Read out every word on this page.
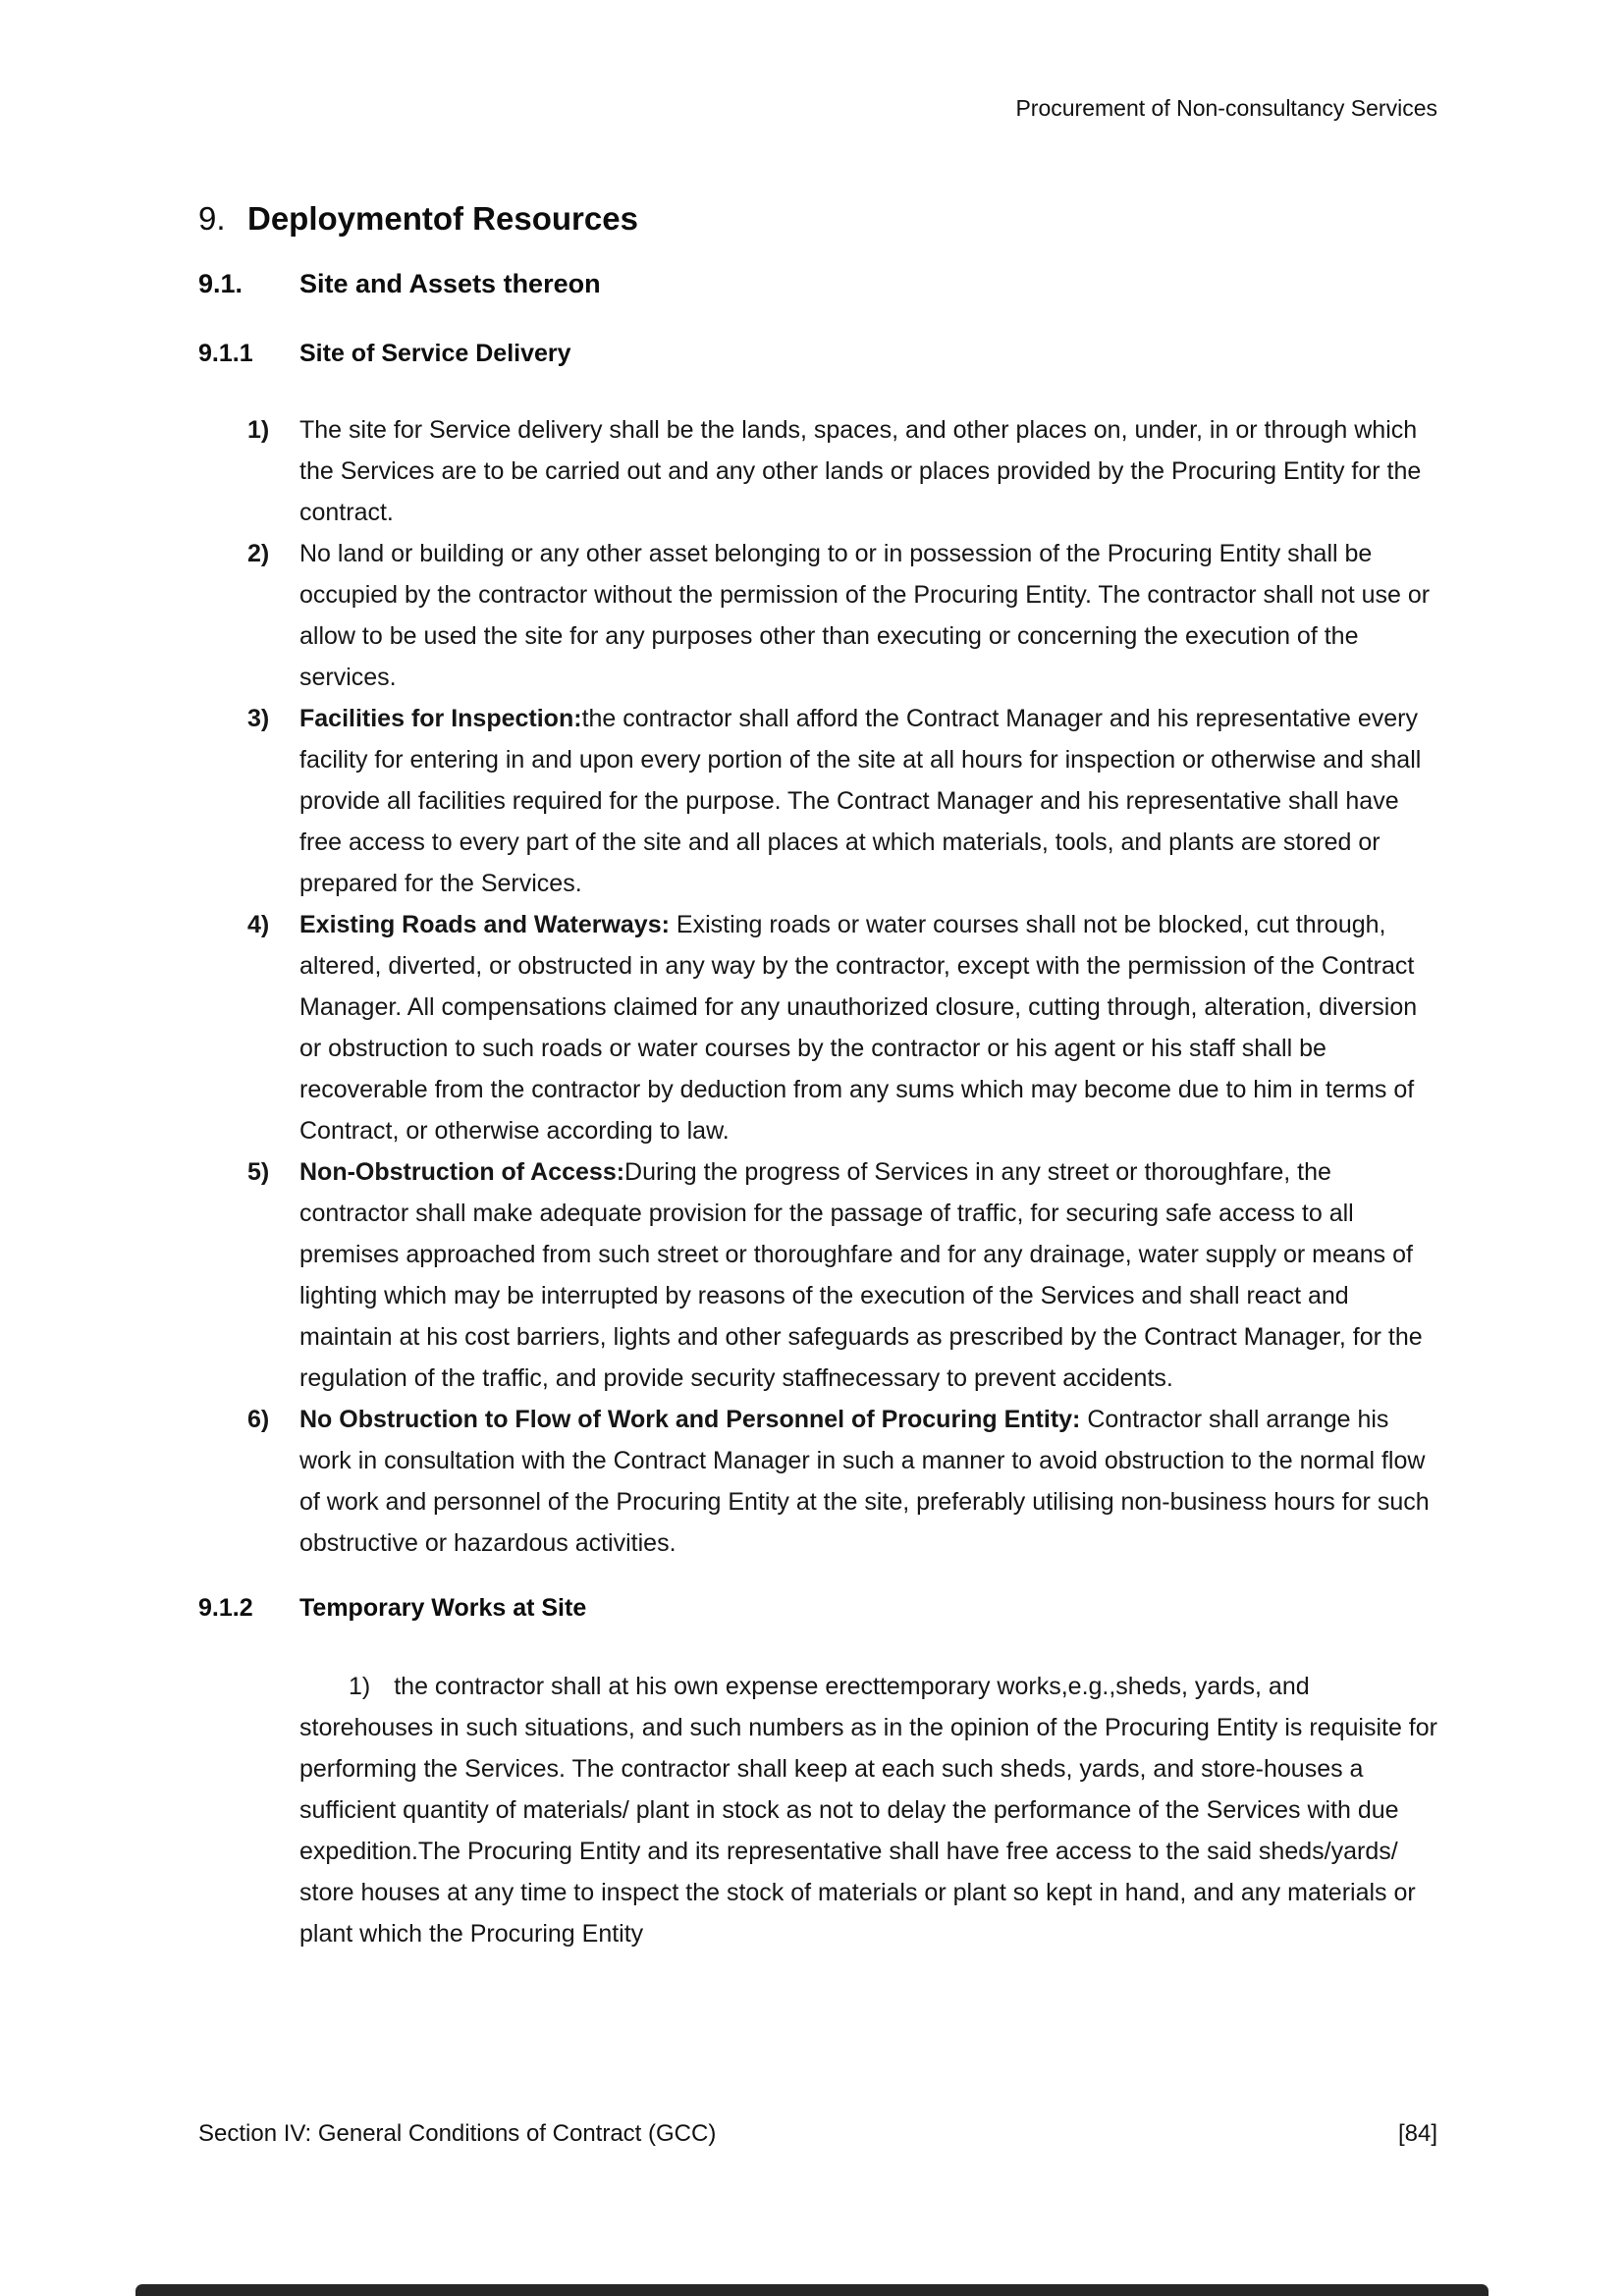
Procurement of Non-consultancy Services
9. Deploymentof Resources
9.1.	Site and Assets thereon
9.1.1	Site of Service Delivery
1) The site for Service delivery shall be the lands, spaces, and other places on, under, in or through which the Services are to be carried out and any other lands or places provided by the Procuring Entity for the contract.
2) No land or building or any other asset belonging to or in possession of the Procuring Entity shall be occupied by the contractor without the permission of the Procuring Entity. The contractor shall not use or allow to be used the site for any purposes other than executing or concerning the execution of the services.
3) Facilities for Inspection:the contractor shall afford the Contract Manager and his representative every facility for entering in and upon every portion of the site at all hours for inspection or otherwise and shall provide all facilities required for the purpose. The Contract Manager and his representative shall have free access to every part of the site and all places at which materials, tools, and plants are stored or prepared for the Services.
4) Existing Roads and Waterways: Existing roads or water courses shall not be blocked, cut through, altered, diverted, or obstructed in any way by the contractor, except with the permission of the Contract Manager. All compensations claimed for any unauthorized closure, cutting through, alteration, diversion or obstruction to such roads or water courses by the contractor or his agent or his staff shall be recoverable from the contractor by deduction from any sums which may become due to him in terms of Contract, or otherwise according to law.
5) Non-Obstruction of Access:During the progress of Services in any street or thoroughfare, the contractor shall make adequate provision for the passage of traffic, for securing safe access to all premises approached from such street or thoroughfare and for any drainage, water supply or means of lighting which may be interrupted by reasons of the execution of the Services and shall react and maintain at his cost barriers, lights and other safeguards as prescribed by the Contract Manager, for the regulation of the traffic, and provide security staffnecessary to prevent accidents.
6) No Obstruction to Flow of Work and Personnel of Procuring Entity: Contractor shall arrange his work in consultation with the Contract Manager in such a manner to avoid obstruction to the normal flow of work and personnel of the Procuring Entity at the site, preferably utilising non-business hours for such obstructive or hazardous activities.
9.1.2	Temporary Works at Site

1) the contractor shall at his own expense erecttemporary works,e.g.,sheds, yards, and storehouses in such situations, and such numbers as in the opinion of the Procuring Entity is requisite for performing the Services. The contractor shall keep at each such sheds, yards, and store-houses a sufficient quantity of materials/ plant in stock as not to delay the performance of the Services with due expedition.The Procuring Entity and its representative shall have free access to the said sheds/yards/ store houses at any time to inspect the stock of materials or plant so kept in hand, and any materials or plant which the Procuring Entity

Section IV: General Conditions of Contract (GCC)	[84]
